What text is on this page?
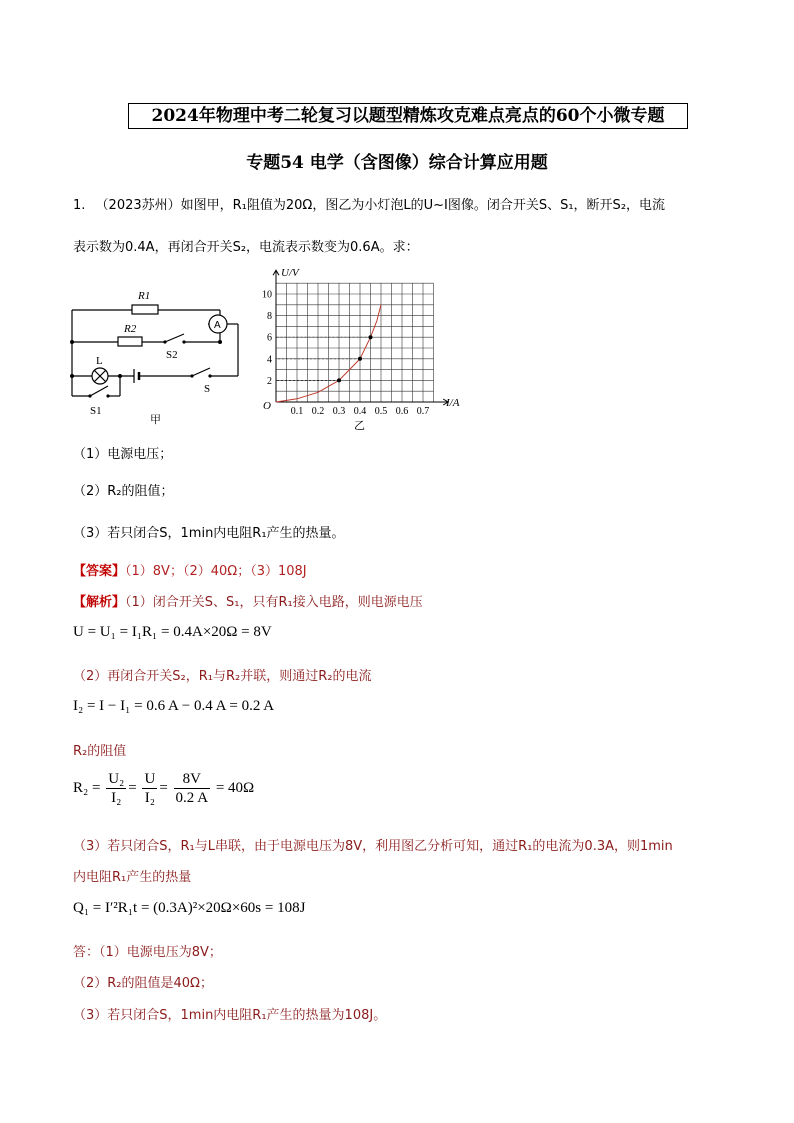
2024年物理中考二轮复习以题型精炼攻克难点亮点的60个小微专题
专题54 电学（含图像）综合计算应用题
1. （2023苏州）如图甲，R₁阻值为20Ω，图乙为小灯泡L的U~I图像。闭合开关S、S₁，断开S₂，电流
表示数为0.4A，再闭合开关S₂，电流表示数变为0.6A。求：
R1
R2	A
S2
L
S
S1
甲
0.1 0.2 0.3 0.4 0.5 0.6 0.7
2
4
6
8
10
U/V
I/A
O
乙
（1）电源电压；
（2）R₂的阻值；
（3）若只闭合S，1min内电阻R₁产生的热量。
【答案】（1）8V；（2）40Ω；（3）108J
【解析】（1）闭合开关S、S₁，只有R₁接入电路，则电源电压
U = U₁ = I₁R₁ = 0.4A×20Ω = 8V
（2）再闭合开关S₂，R₁与R₂并联，则通过R₂的电流
I₂ = I − I₁ = 0.6 A − 0.4 A = 0.2 A
R₂的阻值
$R_2 = \frac{\text{U₂}}{\text{I₂}} = \frac{U}{\text{I₂}} = \frac{8V}{0.2 A} = 40\Omega$
（3）若只闭合S，R₁与L串联，由于电源电压为8V，利用图乙分析可知，通过R₁的电流为0.3A，则1min
内电阻R₁产生的热量
Q₁ = I′²R₁t = (0.3A)²×20Ω×60s = 108J
答：（1）电源电压为8V；
（2）R₂的阻值是40Ω；
（3）若只闭合S，1min内电阻R₁产生的热量为108J。
